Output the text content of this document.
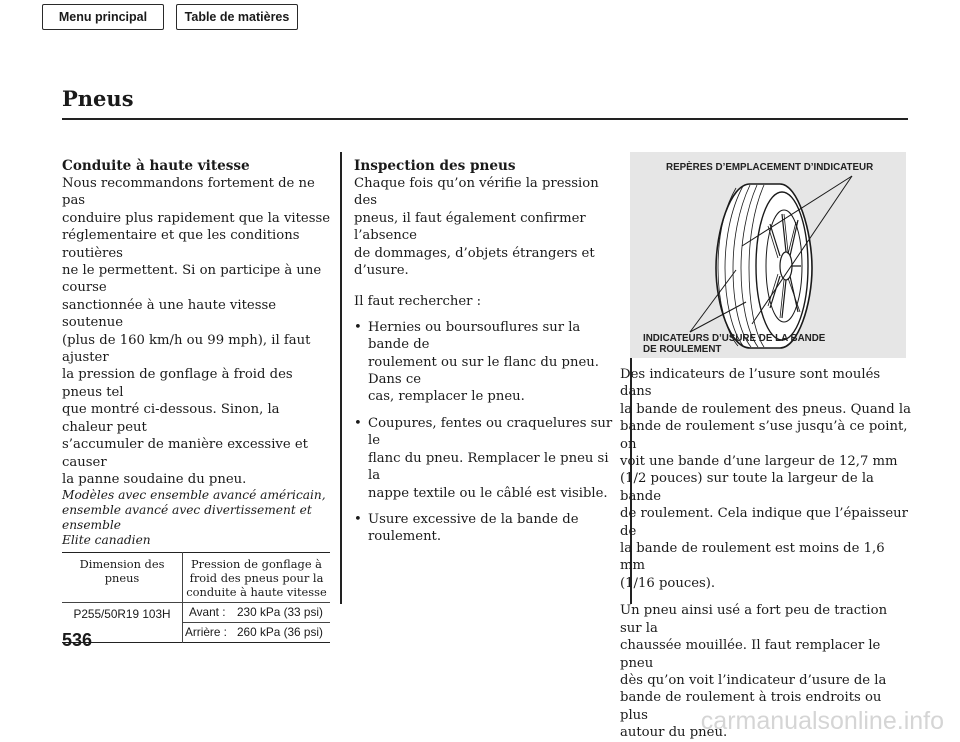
Menu principal	Table de matières
Pneus
Conduite à haute vitesse

Nous recommandons fortement de ne pas
conduire plus rapidement que la vitesse
réglementaire et que les conditions routières
ne le permettent. Si on participe à une course
sanctionnée à une haute vitesse soutenue
(plus de 160 km/h ou 99 mph), il faut ajuster
la pression de gonflage à froid des pneus tel
que montré ci-dessous. Sinon, la chaleur peut
s’accumuler de manière excessive et causer
la panne soudaine du pneu.

Modèles avec ensemble avancé américain,
ensemble avancé avec divertissement et ensemble
Elite canadien

Dimension des
pneus	Pression de gonflage à
froid des pneus pour la
conduite à haute vitesse	
P255/50R19 103H	Avant :	230 kPa (33 psi)
	Arrière :	260 kPa (36 psi)
Inspection des pneus

Chaque fois qu’on vérifie la pression des
pneus, il faut également confirmer l’absence
de dommages, d’objets étrangers et d’usure.

Il faut rechercher :

• Hernies ou boursouflures sur la bande de
roulement ou sur le flanc du pneu. Dans ce
cas, remplacer le pneu.
• Coupures, fentes ou craquelures sur le
flanc du pneu. Remplacer le pneu si la
nappe textile ou le câblé est visible.
• Usure excessive de la bande de roulement.
REPÈRES D’EMPLACEMENT D’INDICATEUR
INDICATEURS D’USURE DE LA BANDE
DE ROULEMENT

Des indicateurs de l’usure sont moulés dans
la bande de roulement des pneus. Quand la
bande de roulement s’use jusqu’à ce point, on
voit une bande d’une largeur de 12,7 mm
(1/2 pouces) sur toute la largeur de la bande
de roulement. Cela indique que l’épaisseur de
la bande de roulement est moins de 1,6 mm
(1/16 pouces).

Un pneu ainsi usé a fort peu de traction sur la
chaussée mouillée. Il faut remplacer le pneu
dès qu’on voit l’indicateur d’usure de la
bande de roulement à trois endroits ou plus
autour du pneu.

536
carmanualsonline.info
